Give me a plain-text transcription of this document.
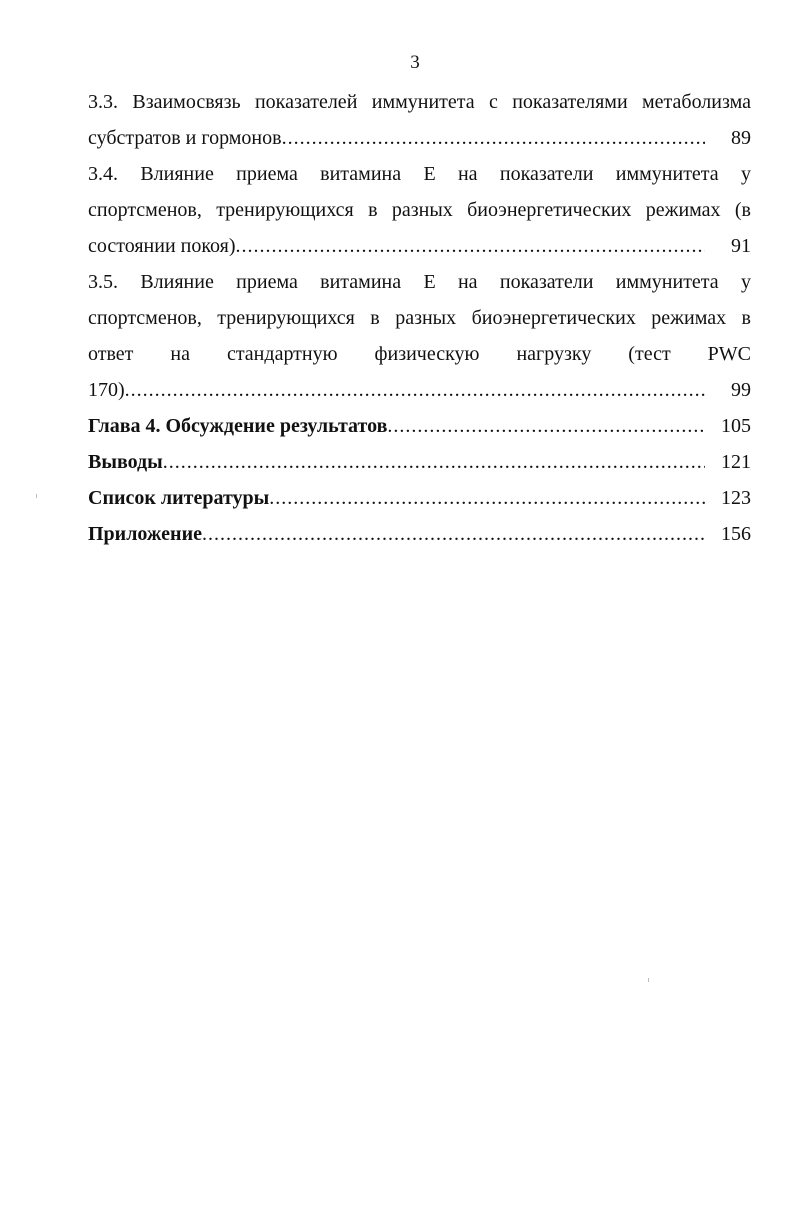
3
3.3. Взаимосвязь показателей иммунитета с показателями метаболизма
субстратов и гормонов .....	89
3.4. Влияние приема витамина Е на показатели иммунитета у
спортсменов, тренирующихся в разных биоэнергетических режимах (в
состоянии покоя) .....	91
3.5. Влияние приема витамина Е на показатели иммунитета у
спортсменов, тренирующихся в разных биоэнергетических режимах в
ответ на стандартную физическую нагрузку (тест PWC
170) .....	99
Глава 4. Обсуждение результатов .....	105
Выводы .....	121
Список литературы .....	123
Приложение .....	156
